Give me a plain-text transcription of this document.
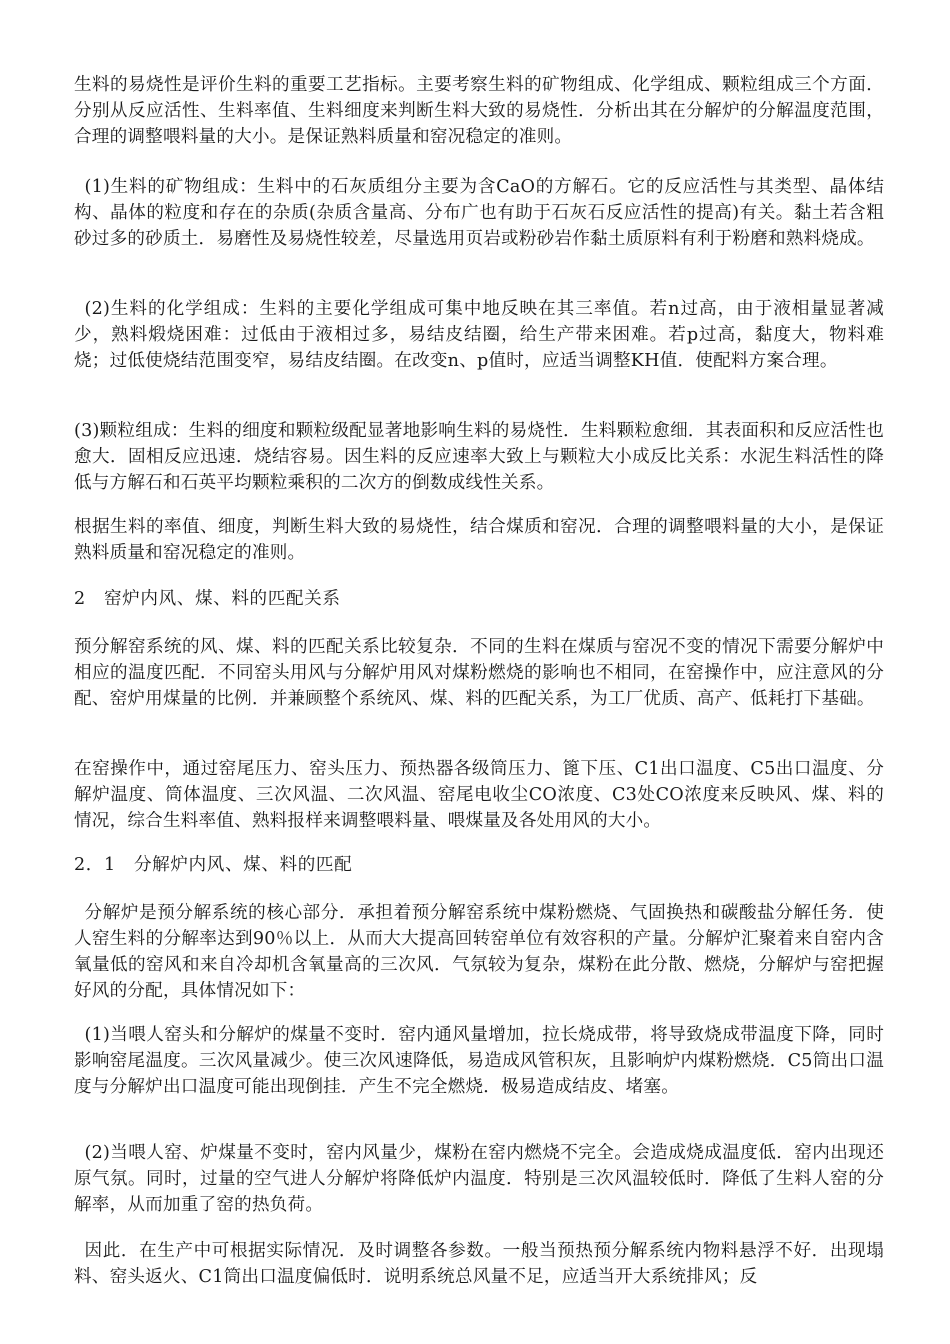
生料的易烧性是评价生料的重要工艺指标。主要考察生料的矿物组成、化学组成、颗粒组成三个方面．分别从反应活性、生料率值、生料细度来判断生料大致的易烧性．分析出其在分解炉的分解温度范围，合理的调整喂料量的大小。是保证熟料质量和窑况稳定的准则。

(1)生料的矿物组成：生料中的石灰质组分主要为含CaO的方解石。它的反应活性与其类型、晶体结构、晶体的粒度和存在的杂质(杂质含量高、分布广也有助于石灰石反应活性的提高)有关。黏土若含粗砂过多的砂质土．易磨性及易烧性较差，尽量选用页岩或粉砂岩作黏土质原料有利于粉磨和熟料烧成。

(2)生料的化学组成：生料的主要化学组成可集中地反映在其三率值。若n过高，由于液相量显著减少，熟料煅烧困难：过低由于液相过多，易结皮结圈，给生产带来困难。若p过高，黏度大，物料难烧；过低使烧结范围变窄，易结皮结圈。在改变n、p值时，应适当调整KH值．使配料方案合理。

(3)颗粒组成：生料的细度和颗粒级配显著地影响生料的易烧性．生料颗粒愈细．其表面积和反应活性也愈大．固相反应迅速．烧结容易。因生料的反应速率大致上与颗粒大小成反比关系：水泥生料活性的降低与方解石和石英平均颗粒乘积的二次方的倒数成线性关系。

根据生料的率值、细度，判断生料大致的易烧性，结合煤质和窑况．合理的调整喂料量的大小，是保证熟料质量和窑况稳定的准则。

2　窑炉内风、煤、料的匹配关系

预分解窑系统的风、煤、料的匹配关系比较复杂．不同的生料在煤质与窑况不变的情况下需要分解炉中相应的温度匹配．不同窑头用风与分解炉用风对煤粉燃烧的影响也不相同，在窑操作中，应注意风的分配、窑炉用煤量的比例．并兼顾整个系统风、煤、料的匹配关系，为工厂优质、高产、低耗打下基础。

在窑操作中，通过窑尾压力、窑头压力、预热器各级筒压力、篦下压、C1出口温度、C5出口温度、分解炉温度、筒体温度、三次风温、二次风温、窑尾电收尘CO浓度、C3处CO浓度来反映风、煤、料的情况，综合生料率值、熟料报样来调整喂料量、喂煤量及各处用风的大小。

2．1　分解炉内风、煤、料的匹配

分解炉是预分解系统的核心部分．承担着预分解窑系统中煤粉燃烧、气固换热和碳酸盐分解任务．使人窑生料的分解率达到90％以上．从而大大提高回转窑单位有效容积的产量。分解炉汇聚着来自窑内含氧量低的窑风和来自冷却机含氧量高的三次风．气氛较为复杂，煤粉在此分散、燃烧，分解炉与窑把握好风的分配，具体情况如下：

(1)当喂人窑头和分解炉的煤量不变时．窑内通风量增加，拉长烧成带，将导致烧成带温度下降，同时影响窑尾温度。三次风量减少。使三次风速降低，易造成风管积灰，且影响炉内煤粉燃烧．C5筒出口温度与分解炉出口温度可能出现倒挂．产生不完全燃烧．极易造成结皮、堵塞。

(2)当喂人窑、炉煤量不变时，窑内风量少，煤粉在窑内燃烧不完全。会造成烧成温度低．窑内出现还原气氛。同时，过量的空气进人分解炉将降低炉内温度．特别是三次风温较低时．降低了生料人窑的分解率，从而加重了窑的热负荷。

因此．在生产中可根据实际情况．及时调整各参数。一般当预热预分解系统内物料悬浮不好．出现塌料、窑头返火、C1筒出口温度偏低时．说明系统总风量不足，应适当开大系统排风；反
